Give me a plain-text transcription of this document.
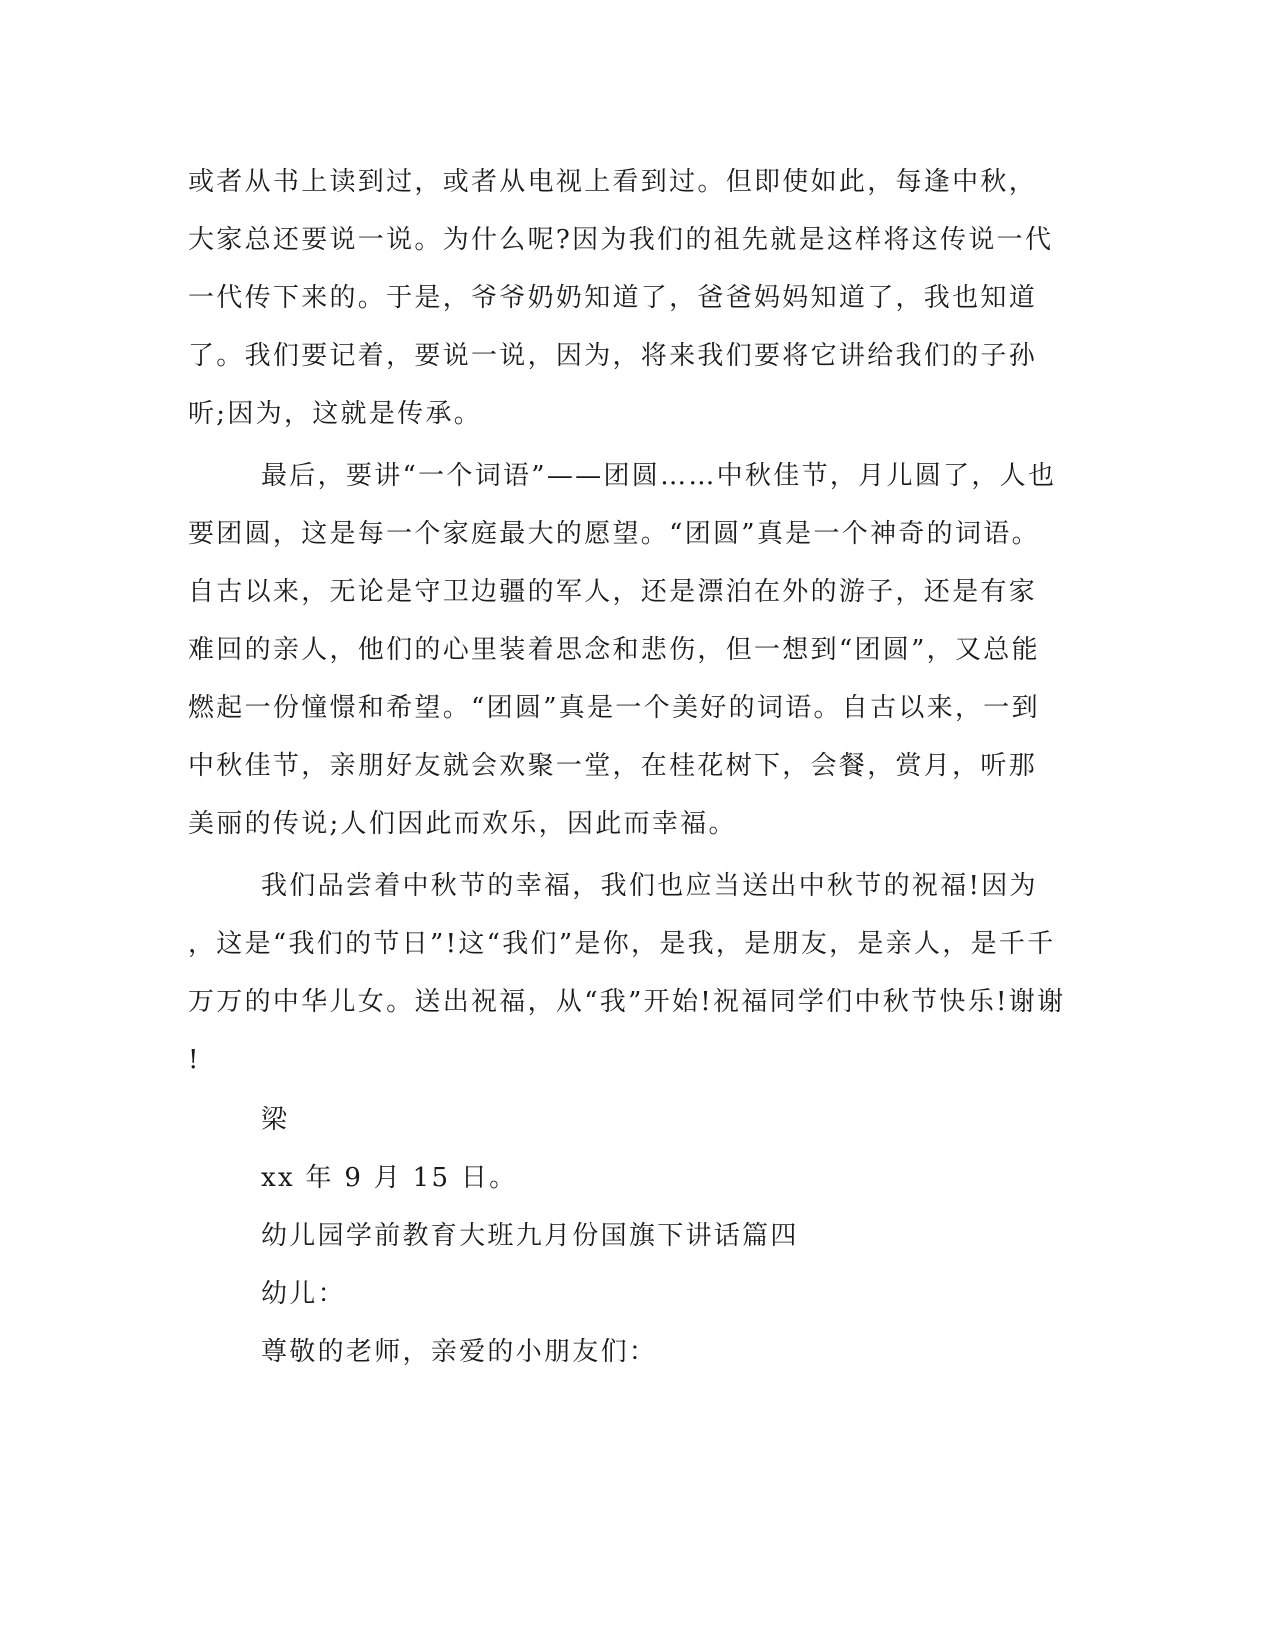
或者从书上读到过，或者从电视上看到过。但即使如此，每逢中秋，
大家总还要说一说。为什么呢?因为我们的祖先就是这样将这传说一代
一代传下来的。于是，爷爷奶奶知道了，爸爸妈妈知道了，我也知道
了。我们要记着，要说一说，因为，将来我们要将它讲给我们的子孙
听;因为，这就是传承。
最后，要讲“一个词语”——团圆……中秋佳节，月儿圆了，人也
要团圆，这是每一个家庭最大的愿望。“团圆”真是一个神奇的词语。
自古以来，无论是守卫边疆的军人，还是漂泊在外的游子，还是有家
难回的亲人，他们的心里装着思念和悲伤，但一想到“团圆”，又总能
燃起一份憧憬和希望。“团圆”真是一个美好的词语。自古以来，一到
中秋佳节，亲朋好友就会欢聚一堂，在桂花树下，会餐，赏月，听那
美丽的传说;人们因此而欢乐，因此而幸福。
我们品尝着中秋节的幸福，我们也应当送出中秋节的祝福!因为
，这是“我们的节日”!这“我们”是你，是我，是朋友，是亲人，是千千
万万的中华儿女。送出祝福，从“我”开始!祝福同学们中秋节快乐!谢谢
!
梁
xx 年 9 月 15 日。
幼儿园学前教育大班九月份国旗下讲话篇四
幼儿：
尊敬的老师，亲爱的小朋友们：
